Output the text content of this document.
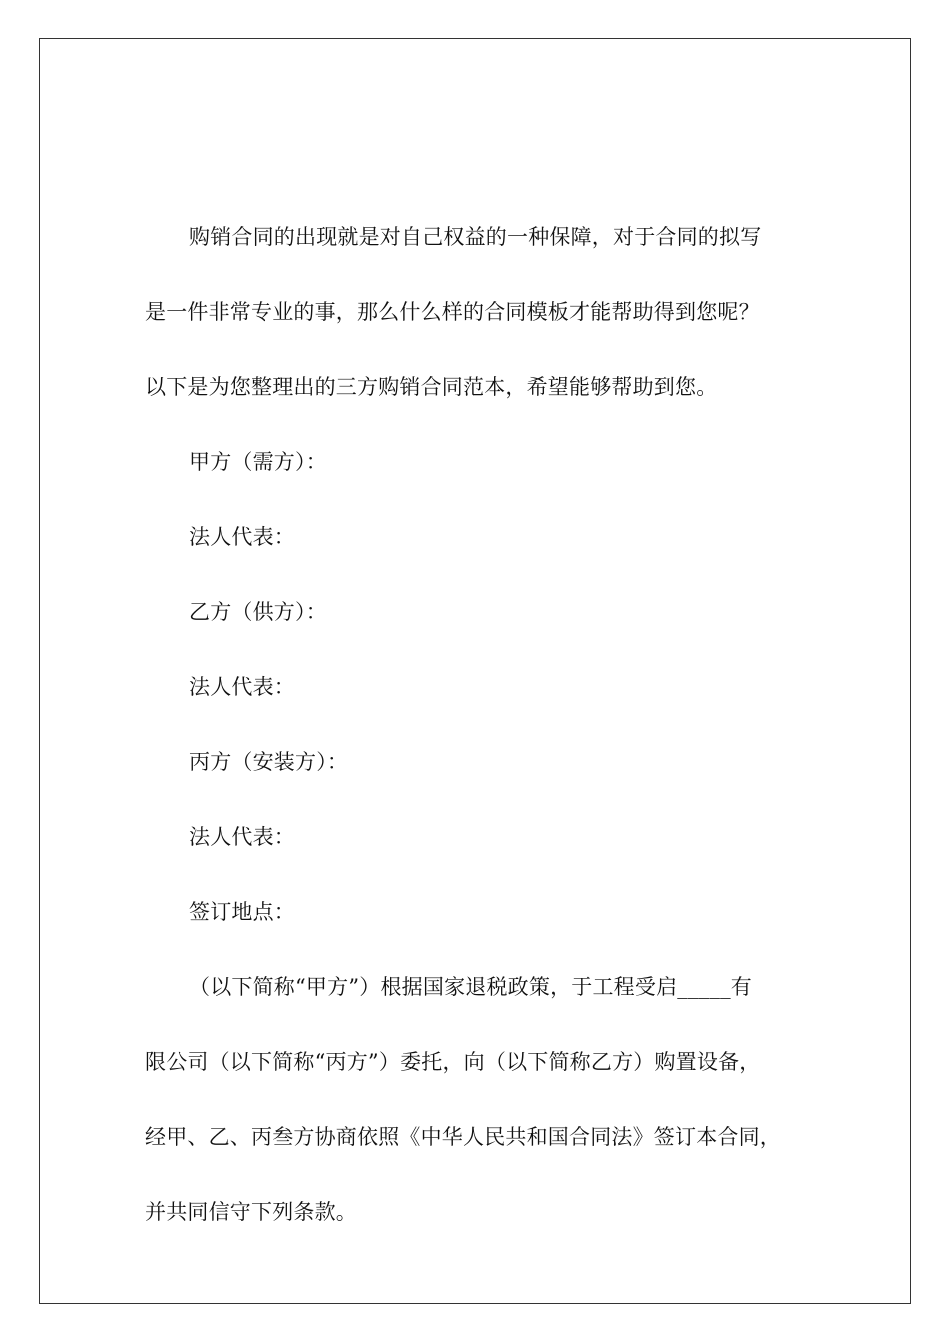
购销合同的出现就是对自己权益的一种保障，对于合同的拟写
是一件非常专业的事，那么什么样的合同模板才能帮助得到您呢？
以下是为您整理出的三方购销合同范本，希望能够帮助到您。
甲方（需方）：
法人代表：
乙方（供方）：
法人代表：
丙方（安装方）：
法人代表：
签订地点：
（以下简称“甲方”）根据国家退税政策，于工程受启_____有
限公司（以下简称“丙方”）委托，向（以下简称乙方）购置设备，
经甲、乙、丙叁方协商依照《中华人民共和国合同法》签订本合同，
并共同信守下列条款。
